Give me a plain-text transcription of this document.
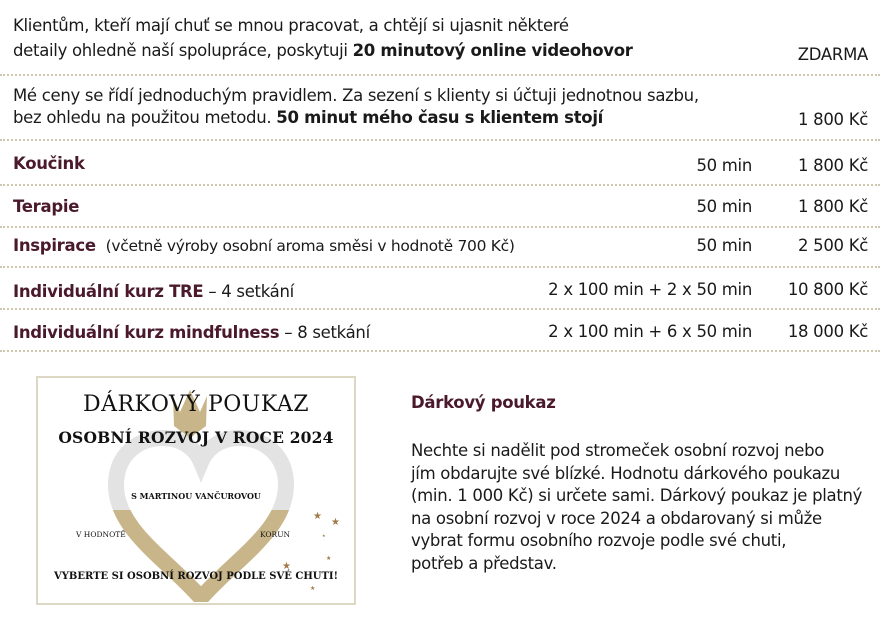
Klientům, kteří mají chuť se mnou pracovat, a chtějí si ujasnit některé
detaily ohledně naší spolupráce, poskytuji 20 minutový online videohovor	ZDARMA
Mé ceny se řídí jednoduchým pravidlem. Za sezení s klienty si účtuji jednotnou sazbu,
bez ohledu na použitou metodu. 50 minut mého času s klientem stojí	1 800 Kč
Koučink	50 min	1 800 Kč
Terapie	50 min	1 800 Kč
Inspirace (včetně výroby osobní aroma směsi v hodnotě 700 Kč)	50 min	2 500 Kč
Individuální kurz TRE – 4 setkání	2 x 100 min + 2 x 50 min	10 800 Kč
Individuální kurz mindfulness – 8 setkání	2 x 100 min + 6 x 50 min	18 000 Kč
DÁRKOVÝ POUKAZ
OSOBNÍ ROZVOJ V ROCE 2024
S MARTINOU VANČUROVOU
V HODNOTĚ	KORUN
VYBERTE SI OSOBNÍ ROZVOJ PODLE SVÉ CHUTI!
★
★
★
★
★
★
Dárkový poukaz
Nechte si nadělit pod stromeček osobní rozvoj nebo
jím obdarujte své blízké. Hodnotu dárkového poukazu
(min. 1 000 Kč) si určete sami. Dárkový poukaz je platný
na osobní rozvoj v roce 2024 a obdarovaný si může
vybrat formu osobního rozvoje podle své chuti,
potřeb a představ.
